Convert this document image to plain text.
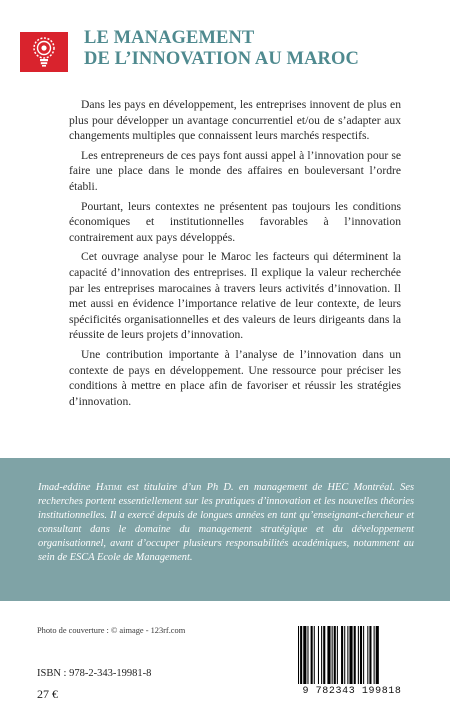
LE MANAGEMENT
DE L’INNOVATION AU MAROC

Dans les pays en développement, les entreprises innovent de plus en plus pour développer un avantage concurrentiel et/ou de s’adapter aux changements multiples que connaissent leurs marchés respectifs.

Les entrepreneurs de ces pays font aussi appel à l’innovation pour se faire une place dans le monde des affaires en bouleversant l’ordre établi.

Pourtant, leurs contextes ne présentent pas toujours les conditions économiques et institutionnelles favorables à l’innovation contrairement aux pays développés.

Cet ouvrage analyse pour le Maroc les facteurs qui déterminent la capacité d’innovation des entreprises. Il explique la valeur recherchée par les entreprises marocaines à travers leurs activités d’innovation. Il met aussi en évidence l’importance relative de leur contexte, de leurs spécificités organisationnelles et des valeurs de leurs dirigeants dans la réussite de leurs projets d’innovation.

Une contribution importante à l’analyse de l’innovation dans un contexte de pays en développement. Une ressource pour préciser les conditions à mettre en place afin de favoriser et réussir les stratégies d’innovation.

Imad-eddine Hatimi est titulaire d’un Ph D. en management de HEC Montréal. Ses recherches portent essentiellement sur les pratiques d’innovation et les nouvelles théories institutionnelles. Il a exercé depuis de longues années en tant qu’enseignant-chercheur et consultant dans le domaine du management stratégique et du développement organisationnel, avant d’occuper plusieurs responsabilités académiques, notamment au sein de ESCA Ecole de Management.
Photo de couverture : © aimage - 123rf.com
ISBN : 978-2-343-19981-8
27 €	9 782343 199818
